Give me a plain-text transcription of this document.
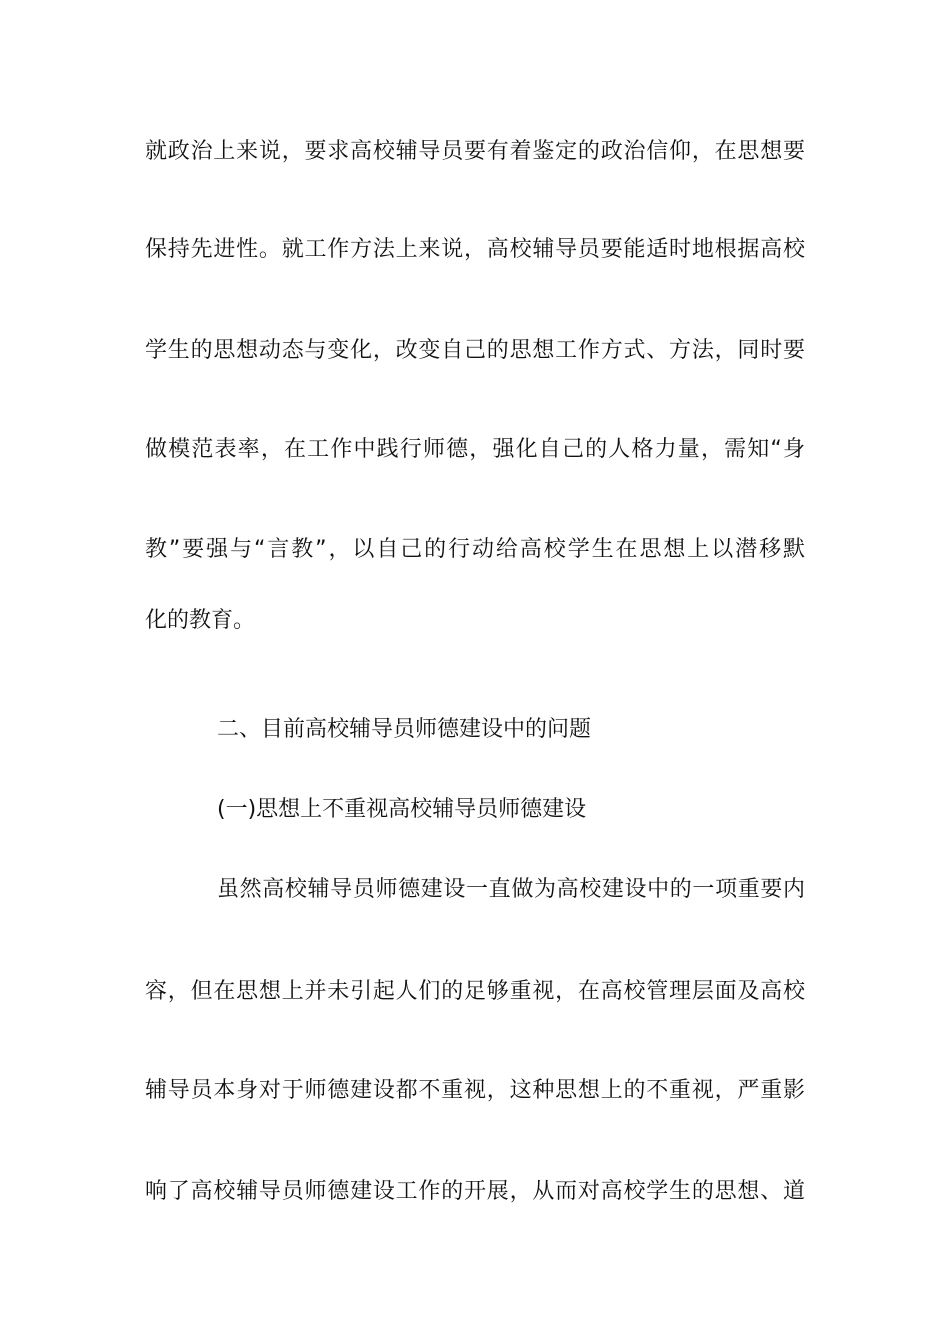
就政治上来说，要求高校辅导员要有着鉴定的政治信仰，在思想要
保持先进性。就工作方法上来说，高校辅导员要能适时地根据高校
学生的思想动态与变化，改变自己的思想工作方式、方法，同时要
做模范表率，在工作中践行师德，强化自己的人格力量，需知“身
教”要强与“言教”，以自己的行动给高校学生在思想上以潜移默
化的教育。
二、目前高校辅导员师德建设中的问题
(一)思想上不重视高校辅导员师德建设
虽然高校辅导员师德建设一直做为高校建设中的一项重要内
容，但在思想上并未引起人们的足够重视，在高校管理层面及高校
辅导员本身对于师德建设都不重视，这种思想上的不重视，严重影
响了高校辅导员师德建设工作的开展，从而对高校学生的思想、道
